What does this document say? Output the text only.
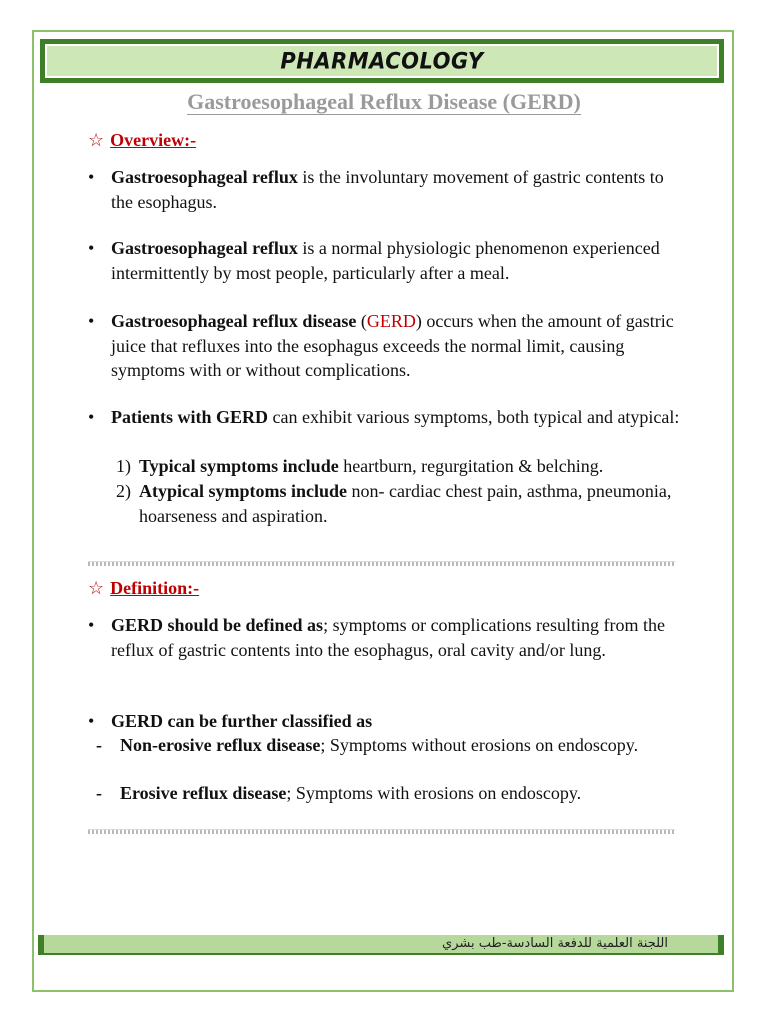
PHARMACOLOGY
Gastroesophageal Reflux Disease (GERD)
☆ Overview:-
• Gastroesophageal reflux is the involuntary movement of gastric contents to the esophagus.
• Gastroesophageal reflux is a normal physiologic phenomenon experienced intermittently by most people, particularly after a meal.
• Gastroesophageal reflux disease (GERD) occurs when the amount of gastric juice that refluxes into the esophagus exceeds the normal limit, causing symptoms with or without complications.
• Patients with GERD can exhibit various symptoms, both typical and atypical:
1) Typical symptoms include heartburn, regurgitation & belching.
2) Atypical symptoms include non- cardiac chest pain, asthma, pneumonia, hoarseness and aspiration.
☆ Definition:-
• GERD should be defined as; symptoms or complications resulting from the reflux of gastric contents into the esophagus, oral cavity and/or lung.
• GERD can be further classified as
- Non-erosive reflux disease; Symptoms without erosions on endoscopy.
- Erosive reflux disease; Symptoms with erosions on endoscopy.
اللجنة العلمية للدفعة السادسة-طب بشري
